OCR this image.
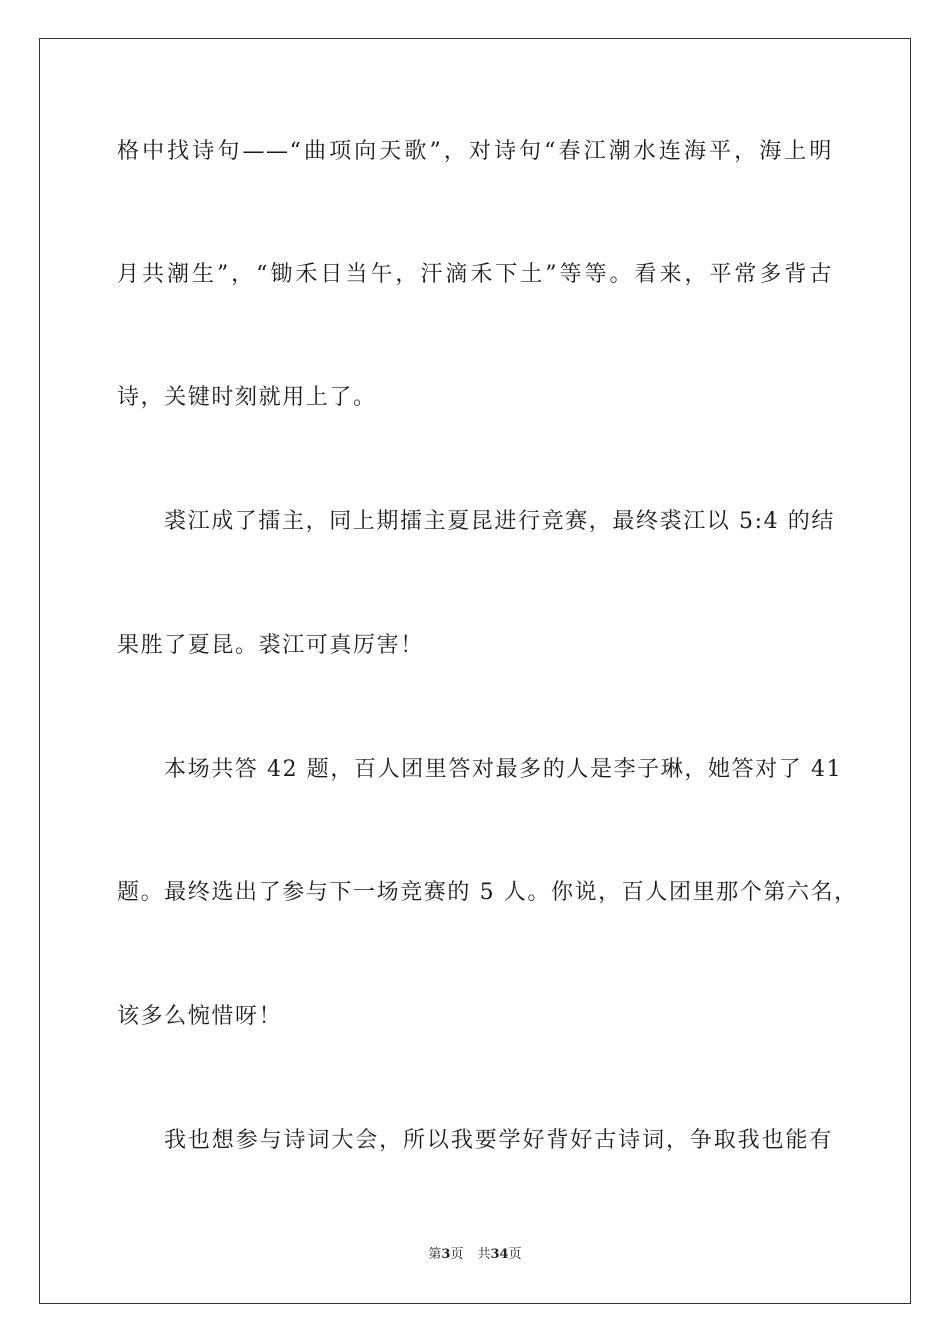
格中找诗句——“曲项向天歌”，对诗句“春江潮水连海平，海上明
月共潮生”，“锄禾日当午，汗滴禾下土”等等。看来，平常多背古
诗，关键时刻就用上了。
裘江成了擂主，同上期擂主夏昆进行竞赛，最终裘江以 5:4 的结
果胜了夏昆。裘江可真厉害！
本场共答 42 题，百人团里答对最多的人是李子琳，她答对了 41
题。最终选出了参与下一场竞赛的 5 人。你说，百人团里那个第六名，
该多么惋惜呀！
我也想参与诗词大会，所以我要学好背好古诗词，争取我也能有
第3页 共34页
